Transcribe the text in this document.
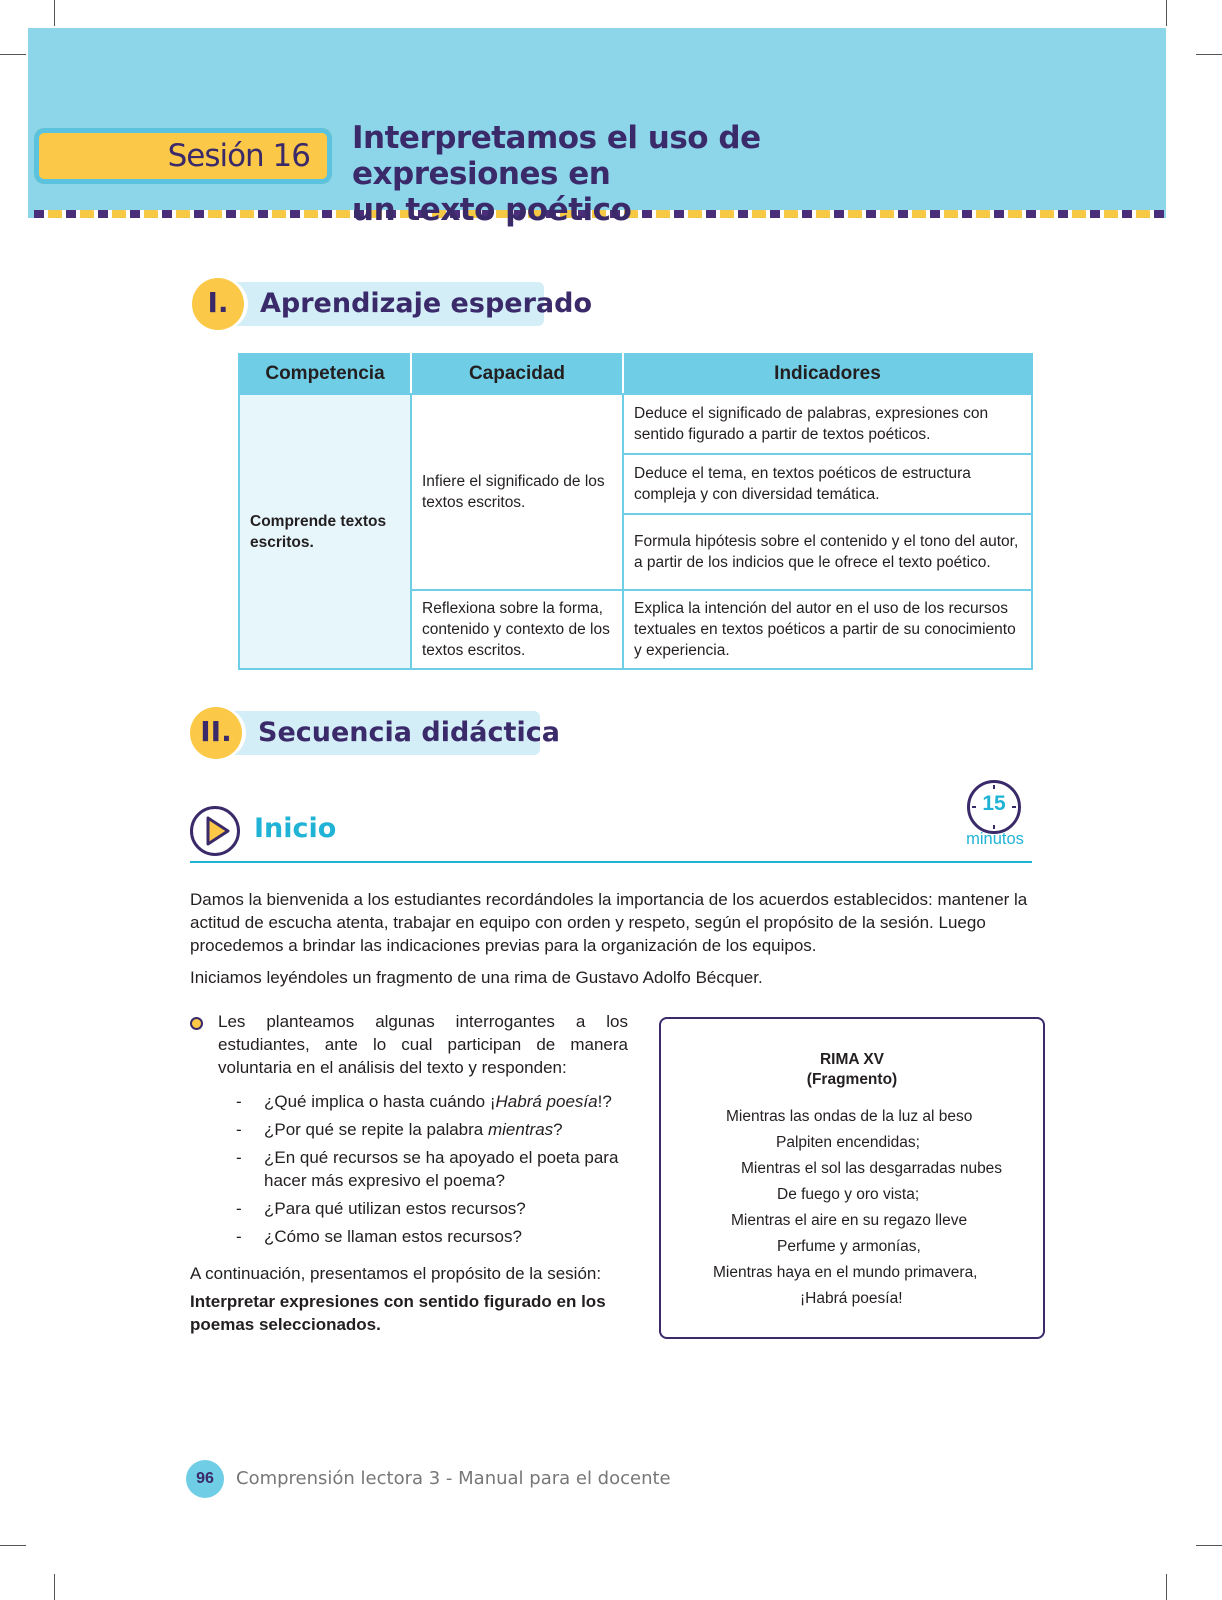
Sesión 16 Interpretamos el uso de expresiones en
un texto poético
I.	Aprendizaje esperado
Competencia	Capacidad	Indicadores
Comprende textos escritos.	Infiere el significado de los textos escritos.	Deduce el significado de palabras, expresiones con sentido figurado a partir de textos poéticos.
		Deduce el tema, en textos poéticos de estructura compleja y con diversidad temática.
		Formula hipótesis sobre el contenido y el tono del autor, a partir de los indicios que le ofrece el texto poético.
	Reflexiona sobre la forma, contenido y contexto de los textos escritos.	Explica la intención del autor en el uso de los recursos textuales en textos poéticos a partir de su conocimiento y experiencia.
II. Secuencia didáctica
Inicio
15
minutos
Damos la bienvenida a los estudiantes recordándoles la importancia de los acuerdos establecidos: mantener la actitud de escucha atenta, trabajar en equipo con orden y respeto, según el propósito de la sesión. Luego procedemos a brindar las indicaciones previas para la organización de los equipos.
Iniciamos leyéndoles un fragmento de una rima de Gustavo Adolfo Bécquer.
Les planteamos algunas interrogantes a los estudiantes, ante lo cual participan de manera voluntaria en el análisis del texto y responden:
- ¿Qué implica o hasta cuándo ¡Habrá poesía!?
- ¿Por qué se repite la palabra mientras?
- ¿En qué recursos se ha apoyado el poeta para hacer más expresivo el poema?
- ¿Para qué utilizan estos recursos?
- ¿Cómo se llaman estos recursos?
A continuación, presentamos el propósito de la sesión:
Interpretar expresiones con sentido figurado en los poemas seleccionados.
RIMA XV
(Fragmento)
Mientras las ondas de la luz al beso
Palpiten encendidas;
Mientras el sol las desgarradas nubes
De fuego y oro vista;
Mientras el aire en su regazo lleve
Perfume y armonías,
Mientras haya en el mundo primavera,
¡Habrá poesía!
96	Comprensión lectora 3 - Manual para el docente
